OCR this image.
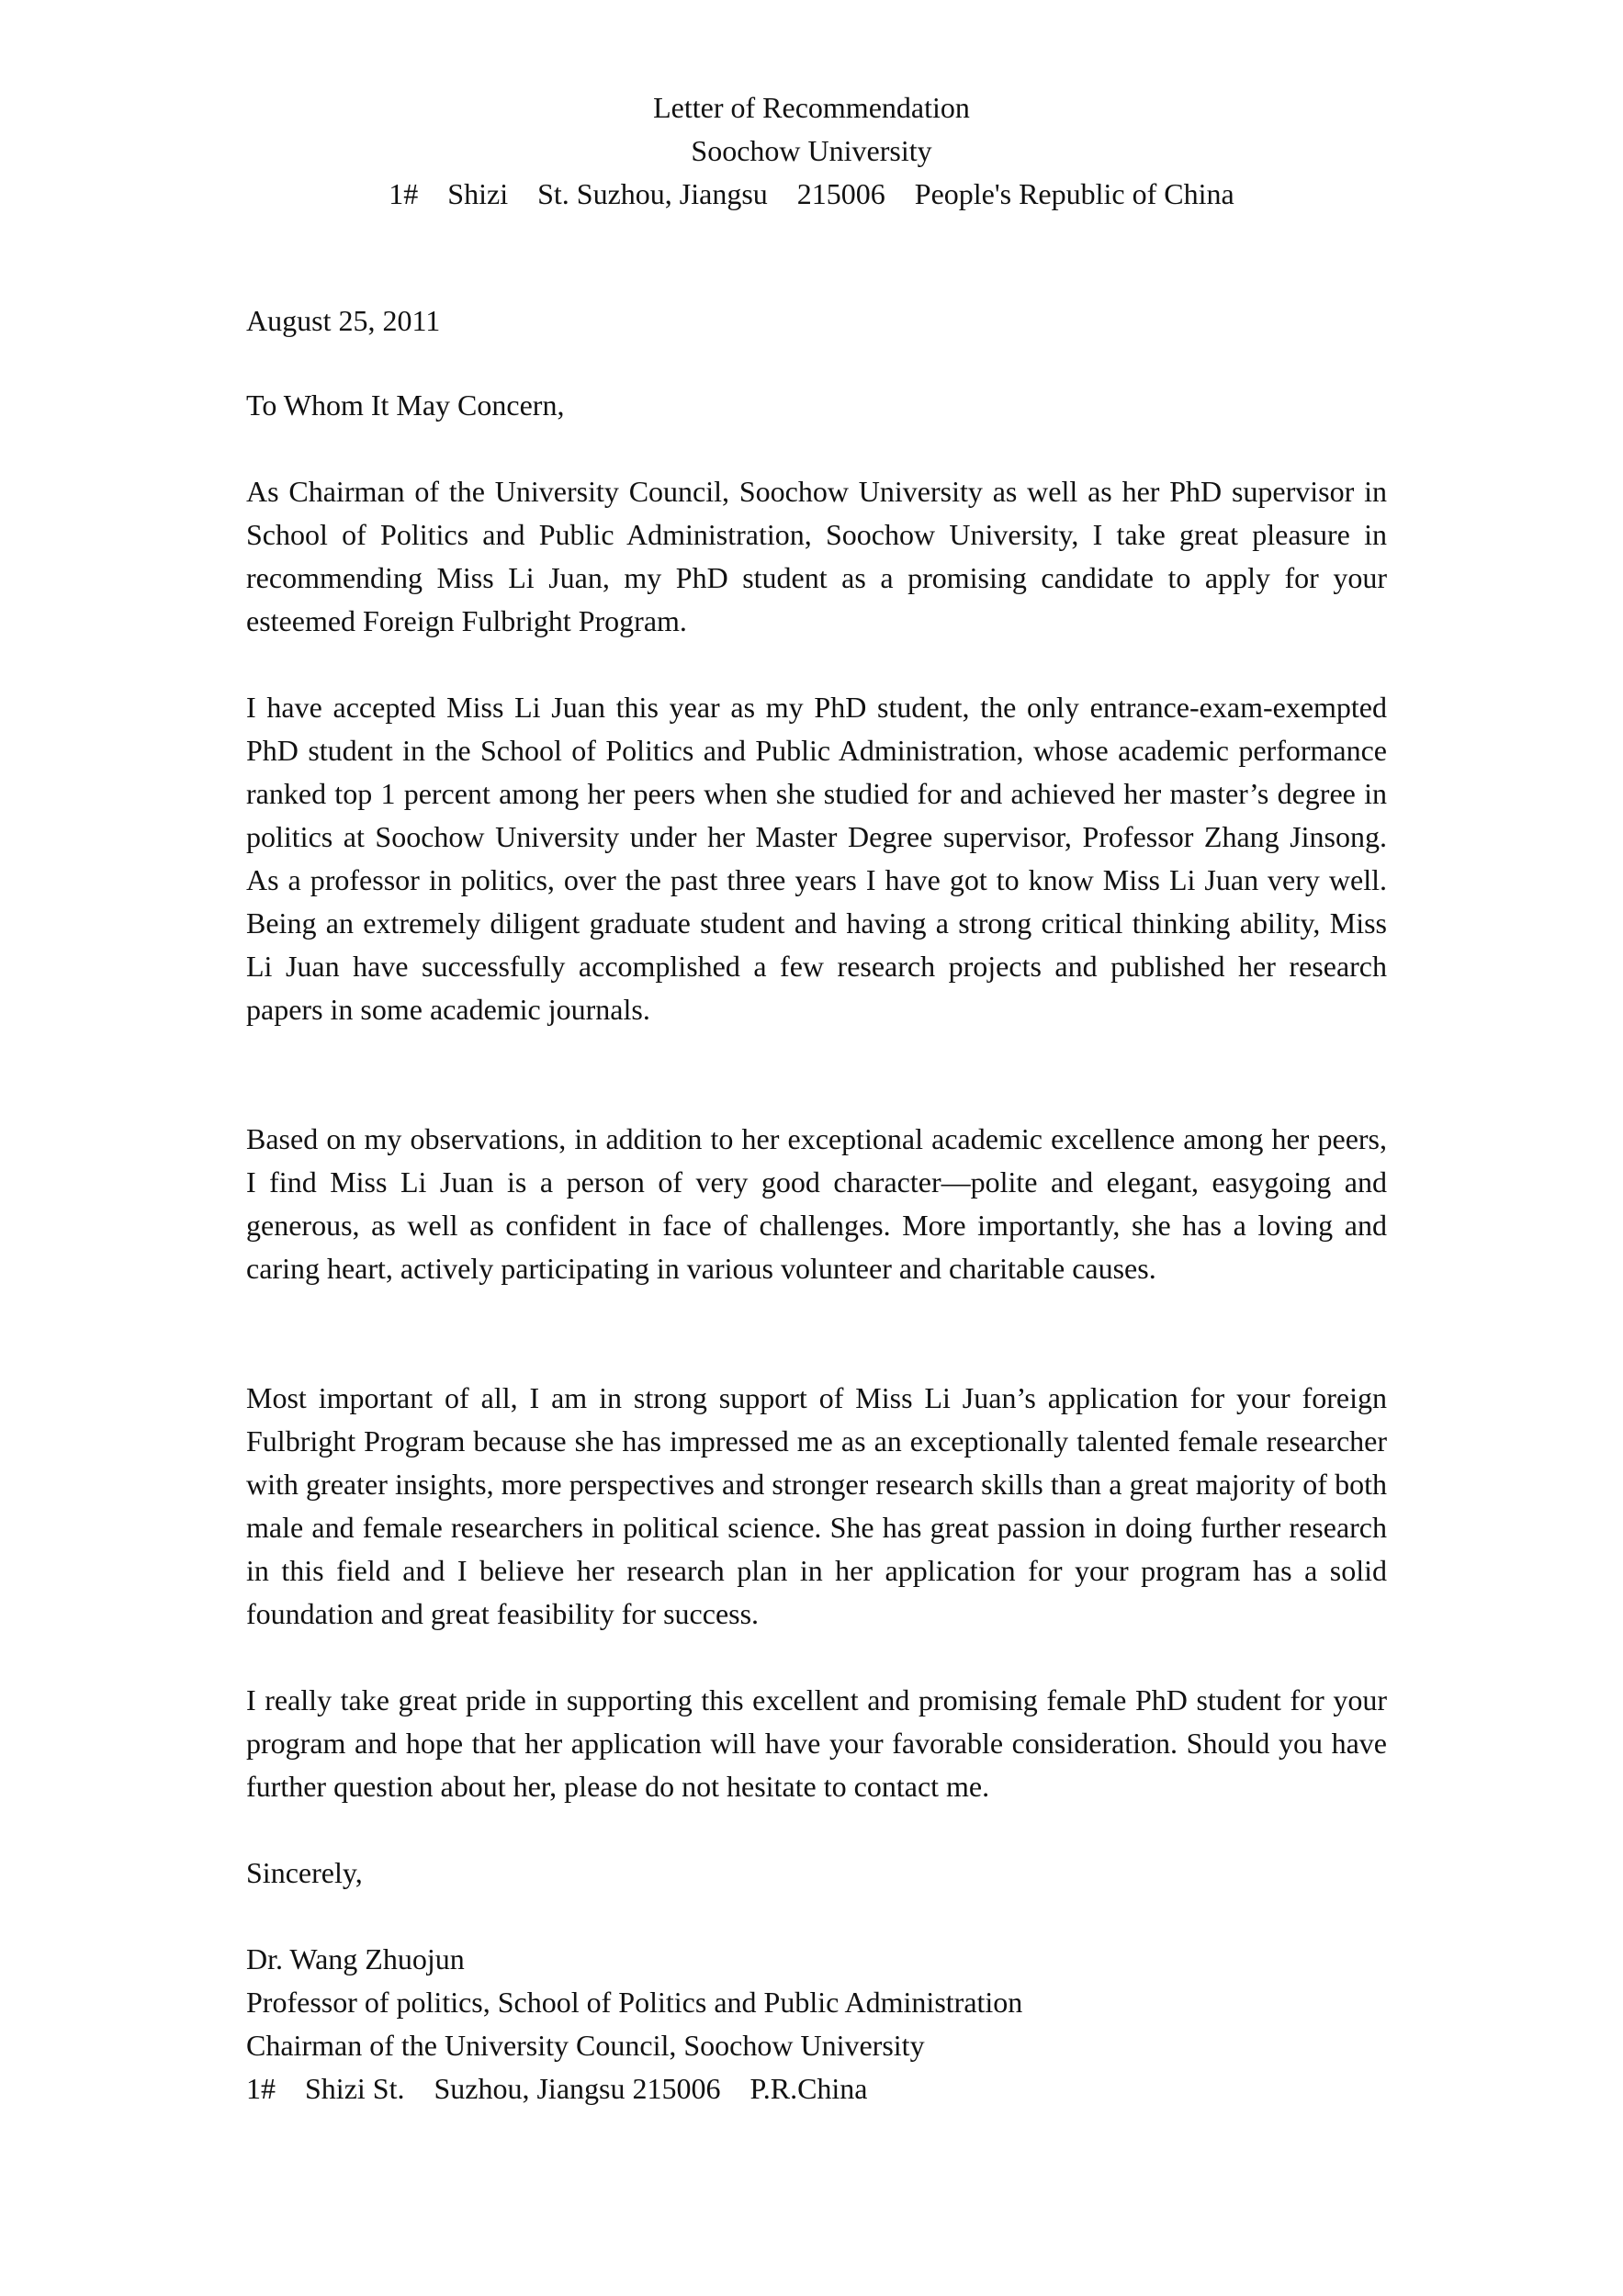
Letter of Recommendation
Soochow University
1# Shizi St. Suzhou, Jiangsu 215006 People's Republic of China
August 25, 2011
To Whom It May Concern,

As Chairman of the University Council, Soochow University as well as her PhD supervisor in School of Politics and Public Administration, Soochow University, I take great pleasure in recommending Miss Li Juan, my PhD student as a promising candidate to apply for your esteemed Foreign Fulbright Program.

I have accepted Miss Li Juan this year as my PhD student, the only entrance-exam-exempted PhD student in the School of Politics and Public Administration, whose academic performance ranked top 1 percent among her peers when she studied for and achieved her master’s degree in politics at Soochow University under her Master Degree supervisor, Professor Zhang Jinsong. As a professor in politics, over the past three years I have got to know Miss Li Juan very well. Being an extremely diligent graduate student and having a strong critical thinking ability, Miss Li Juan have successfully accomplished a few research projects and published her research papers in some academic journals.

Based on my observations, in addition to her exceptional academic excellence among her peers, I find Miss Li Juan is a person of very good character—polite and elegant, easygoing and generous, as well as confident in face of challenges. More importantly, she has a loving and caring heart, actively participating in various volunteer and charitable causes.

Most important of all, I am in strong support of Miss Li Juan’s application for your foreign Fulbright Program because she has impressed me as an exceptionally talented female researcher with greater insights, more perspectives and stronger research skills than a great majority of both male and female researchers in political science. She has great passion in doing further research in this field and I believe her research plan in her application for your program has a solid foundation and great feasibility for success.

I really take great pride in supporting this excellent and promising female PhD student for your program and hope that her application will have your favorable consideration. Should you have further question about her, please do not hesitate to contact me.

Sincerely,
Dr. Wang Zhuojun
Professor of politics, School of Politics and Public Administration
Chairman of the University Council, Soochow University
1#    Shizi St.    Suzhou, Jiangsu 215006    P.R.China
